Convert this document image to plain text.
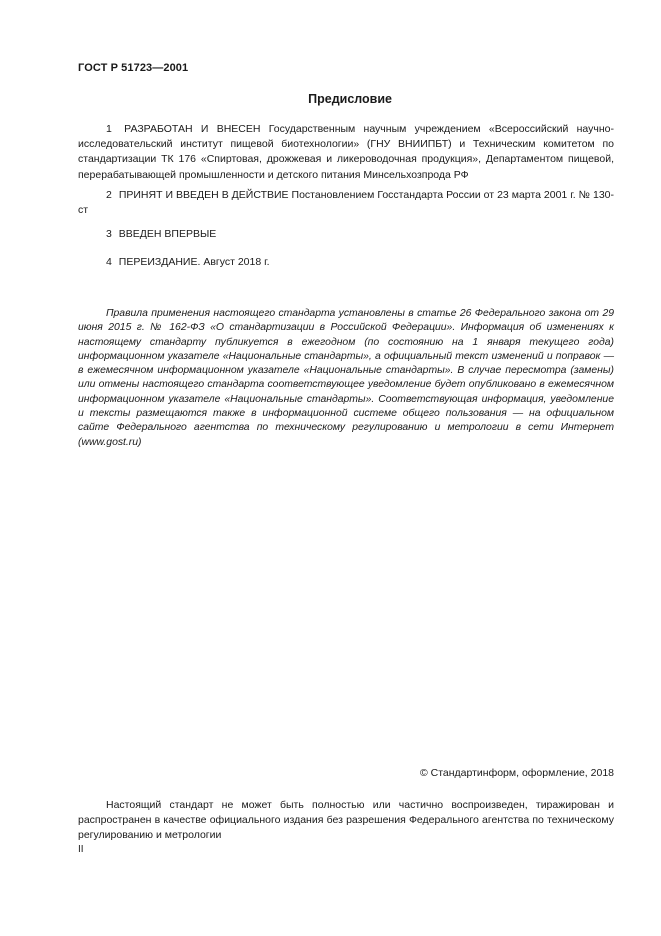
ГОСТ Р 51723—2001
Предисловие

1 РАЗРАБОТАН И ВНЕСЕН Государственным научным учреждением «Всероссийский научно-исследовательский институт пищевой биотехнологии» (ГНУ ВНИИПБТ) и Техническим комитетом по стандартизации ТК 176 «Спиртовая, дрожжевая и ликероводочная продукция», Департаментом пищевой, перерабатывающей промышленности и детского питания Минсельхозпрода РФ

2 ПРИНЯТ И ВВЕДЕН В ДЕЙСТВИЕ Постановлением Госстандарта России от 23 марта 2001 г. № 130-ст

3 ВВЕДЕН ВПЕРВЫЕ

4 ПЕРЕИЗДАНИЕ. Август 2018 г.

Правила применения настоящего стандарта установлены в статье 26 Федерального закона от 29 июня 2015 г. № 162-ФЗ «О стандартизации в Российской Федерации». Информация об изменениях к настоящему стандарту публикуется в ежегодном (по состоянию на 1 января текущего года) информационном указателе «Национальные стандарты», а официальный текст изменений и поправок — в ежемесячном информационном указателе «Национальные стандарты». В случае пересмотра (замены) или отмены настоящего стандарта соответствующее уведомление будет опубликовано в ежемесячном информационном указателе «Национальные стандарты». Соответствующая информация, уведомление и тексты размещаются также в информационной системе общего пользования — на официальном сайте Федерального агентства по техническому регулированию и метрологии в сети Интернет (www.gost.ru)

© Стандартинформ, оформление, 2018

Настоящий стандарт не может быть полностью или частично воспроизведен, тиражирован и распространен в качестве официального издания без разрешения Федерального агентства по техническому регулированию и метрологии

II
